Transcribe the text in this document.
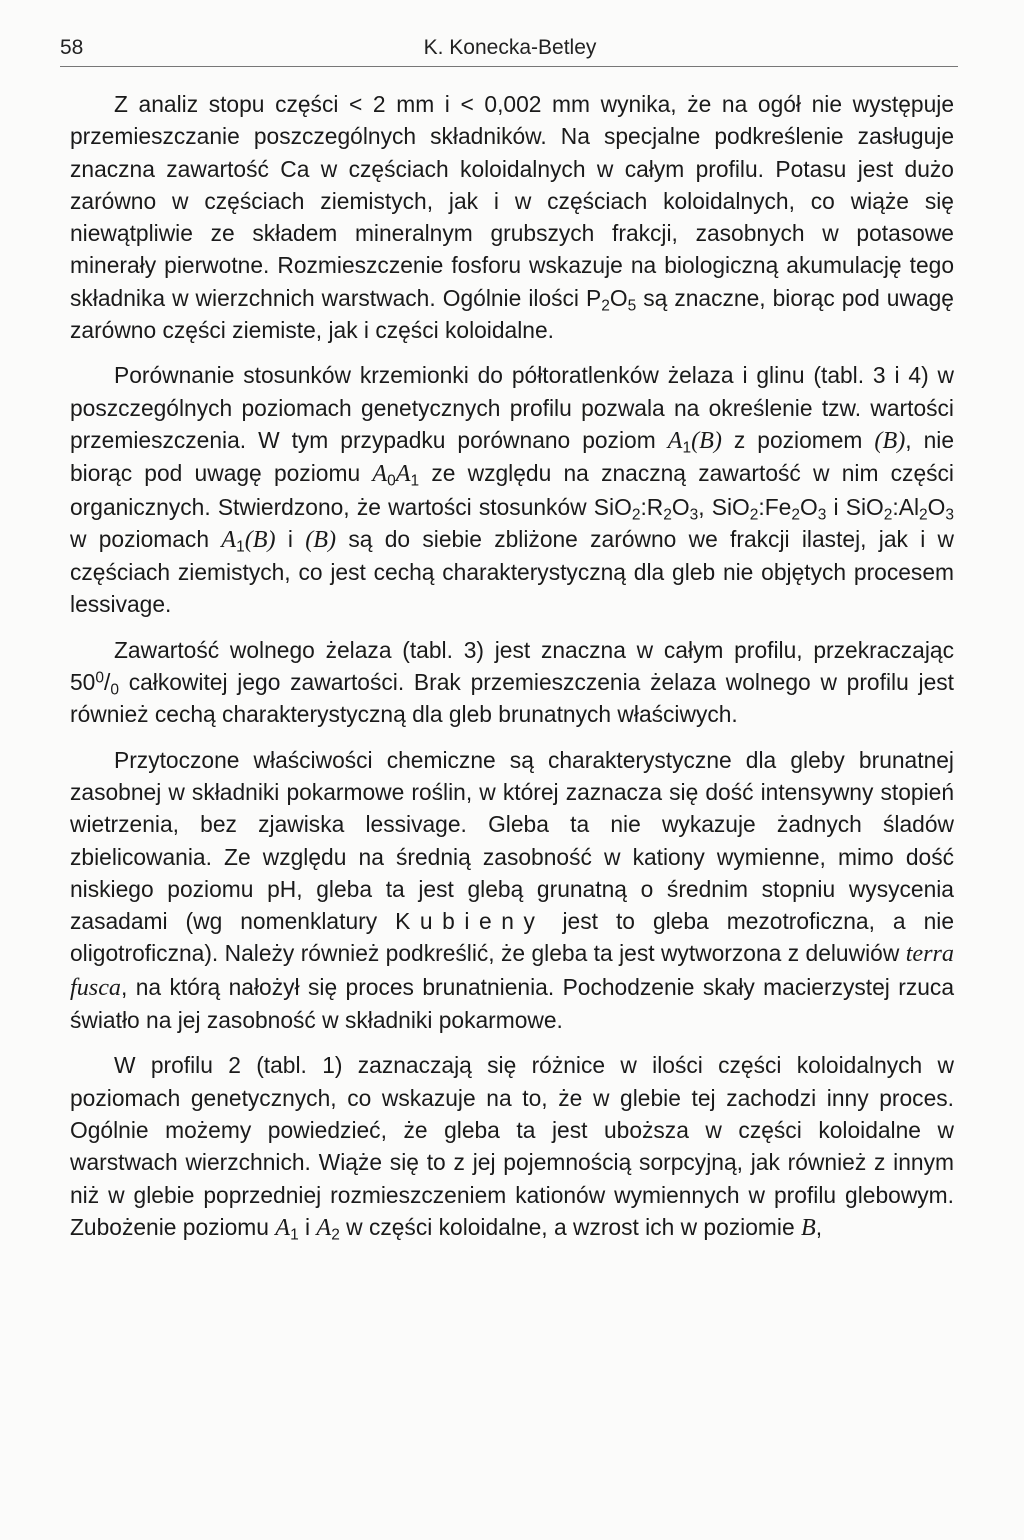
58	K. Konecka-Betley

Z analiz stopu części < 2 mm i < 0,002 mm wynika, że na ogół nie występuje przemieszczanie poszczególnych składników. Na specjalne podkreślenie zasługuje znaczna zawartość Ca w częściach koloidalnych w całym profilu. Potasu jest dużo zarówno w częściach ziemistych, jak i w częściach koloidalnych, co wiąże się niewątpliwie ze składem mineralnym grubszych frakcji, zasobnych w potasowe minerały pierwotne. Rozmieszczenie fosforu wskazuje na biologiczną akumulację tego składnika w wierzchnich warstwach. Ogólnie ilości $P_2O_5$ są znaczne, biorąc pod uwagę zarówno części ziemiste, jak i części koloidalne.

Porównanie stosunków krzemionki do półtoratlenków żelaza i glinu (tabl. 3 i 4) w poszczególnych poziomach genetycznych profilu pozwala na określenie tzw. wartości przemieszczenia. W tym przypadku porównano poziom $A_1(B)$ z poziomem (B), nie biorąc pod uwagę poziomu $A_0A_1$ ze względu na znaczną zawartość w nim części organicznych. Stwierdzono, że wartości stosunków $SiO_2:R_2O_3$, $SiO_2:Fe_2O_3$ i $SiO_2:Al_2O_3$ w poziomach $A_1(B)$ i (B) są do siebie zbliżone zarówno we frakcji ilastej, jak i w częściach ziemistych, co jest cechą charakterystyczną dla gleb nie objętych procesem lessivage.

Zawartość wolnego żelaza (tabl. 3) jest znaczna w całym profilu, przekraczając $50^0/_0$ całkowitej jego zawartości. Brak przemieszczenia żelaza wolnego w profilu jest również cechą charakterystyczną dla gleb brunatnych właściwych.

Przytoczone właściwości chemiczne są charakterystyczne dla gleby brunatnej zasobnej w składniki pokarmowe roślin, w której zaznacza się dość intensywny stopień wietrzenia, bez zjawiska lessivage. Gleba ta nie wykazuje żadnych śladów zbielicowania. Ze względu na średnią zasobność w kationy wymienne, mimo dość niskiego poziomu pH, gleba ta jest glebą grunatną o średnim stopniu wysycenia zasadami (wg nomenklatury Kubieny jest to gleba mezotroficzna, a nie oligotroficzna). Należy również podkreślić, że gleba ta jest wytworzona z deluwiów terra fusca, na którą nałożył się proces brunatnienia. Pochodzenie skały macierzystej rzuca światło na jej zasobność w składniki pokarmowe.

W profilu 2 (tabl. 1) zaznaczają się różnice w ilości części koloidalnych w poziomach genetycznych, co wskazuje na to, że w glebie tej zachodzi inny proces. Ogólnie możemy powiedzieć, że gleba ta jest uboższa w części koloidalne w warstwach wierzchnich. Wiąże się to z jej pojemnością sorpcyjną, jak również z innym niż w glebie poprzedniej rozmieszczeniem kationów wymiennych w profilu glebowym. Zubożenie poziomu $A_1$ i $A_2$ w części koloidalne, a wzrost ich w poziomie B,
